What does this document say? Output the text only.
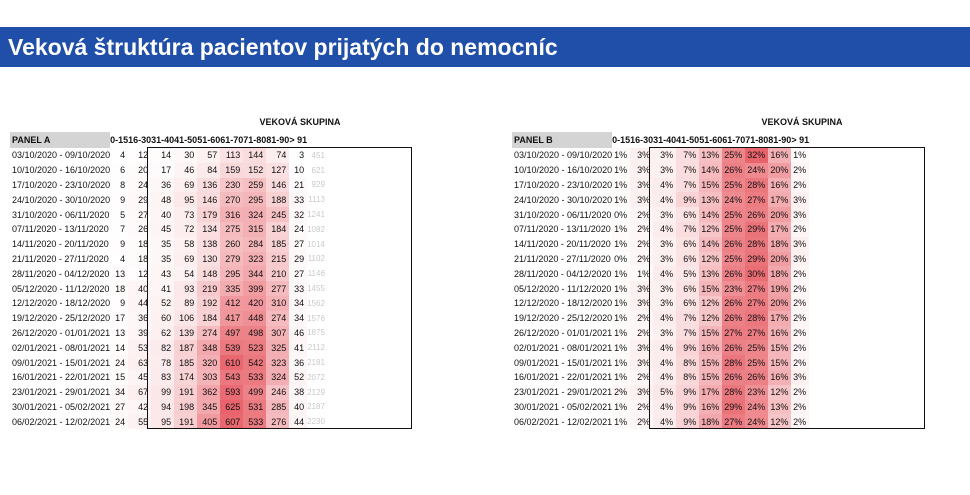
Veková štruktúra pacientov prijatých do nemocníc
VEKOVÁ SKUPINA
PANEL A	0-15	16-30	31-40	41-50	51-60	61-70	71-80	81-90	> 91	
03/10/2020 - 09/10/2020	4	12	14	30	57	113	144	74	3	451
10/10/2020 - 16/10/2020	6	20	17	46	84	159	152	127	10	621
17/10/2020 - 23/10/2020	8	24	36	69	136	230	259	146	21	929
24/10/2020 - 30/10/2020	9	29	48	95	146	270	295	188	33	1113
31/10/2020 - 06/11/2020	5	27	40	73	179	316	324	245	32	1241
07/11/2020 - 13/11/2020	7	26	45	72	134	275	315	184	24	1082
14/11/2020 - 20/11/2020	9	18	35	58	138	260	284	185	27	1014
21/11/2020 - 27/11/2020	4	18	35	69	130	279	323	215	29	1102
28/11/2020 - 04/12/2020	13	12	43	54	148	295	344	210	27	1146
05/12/2020 - 11/12/2020	18	40	41	93	219	335	399	277	33	1455
12/12/2020 - 18/12/2020	9	44	52	89	192	412	420	310	34	1562
19/12/2020 - 25/12/2020	17	36	60	106	184	417	448	274	34	1576
26/12/2020 - 01/01/2021	13	39	62	139	274	497	498	307	46	1875
02/01/2021 - 08/01/2021	14	53	82	187	348	539	523	325	41	2112
09/01/2021 - 15/01/2021	24	63	78	185	320	610	542	323	36	2181
16/01/2021 - 22/01/2021	15	45	83	174	303	543	533	324	52	2072
23/01/2021 - 29/01/2021	34	67	99	191	362	593	499	246	38	2129
30/01/2021 - 05/02/2021	27	42	94	198	345	625	531	285	40	2187
06/02/2021 - 12/02/2021	24	55	95	191	405	607	533	276	44	2230
VEKOVÁ SKUPINA
PANEL B	0-15	16-30	31-40	41-50	51-60	61-70	71-80	81-90	> 91
03/10/2020 - 09/10/2020	1%	3%	3%	7%	13%	25%	32%	16%	1%
10/10/2020 - 16/10/2020	1%	3%	3%	7%	14%	26%	24%	20%	2%
17/10/2020 - 23/10/2020	1%	3%	4%	7%	15%	25%	28%	16%	2%
24/10/2020 - 30/10/2020	1%	3%	4%	9%	13%	24%	27%	17%	3%
31/10/2020 - 06/11/2020	0%	2%	3%	6%	14%	25%	26%	20%	3%
07/11/2020 - 13/11/2020	1%	2%	4%	7%	12%	25%	29%	17%	2%
14/11/2020 - 20/11/2020	1%	2%	3%	6%	14%	26%	28%	18%	3%
21/11/2020 - 27/11/2020	0%	2%	3%	6%	12%	25%	29%	20%	3%
28/11/2020 - 04/12/2020	1%	1%	4%	5%	13%	26%	30%	18%	2%
05/12/2020 - 11/12/2020	1%	3%	3%	6%	15%	23%	27%	19%	2%
12/12/2020 - 18/12/2020	1%	3%	3%	6%	12%	26%	27%	20%	2%
19/12/2020 - 25/12/2020	1%	2%	4%	7%	12%	26%	28%	17%	2%
26/12/2020 - 01/01/2021	1%	2%	3%	7%	15%	27%	27%	16%	2%
02/01/2021 - 08/01/2021	1%	3%	4%	9%	16%	26%	25%	15%	2%
09/01/2021 - 15/01/2021	1%	3%	4%	8%	15%	28%	25%	15%	2%
16/01/2021 - 22/01/2021	1%	2%	4%	8%	15%	26%	26%	16%	3%
23/01/2021 - 29/01/2021	2%	3%	5%	9%	17%	28%	23%	12%	2%
30/01/2021 - 05/02/2021	1%	2%	4%	9%	16%	29%	24%	13%	2%
06/02/2021 - 12/02/2021	1%	2%	4%	9%	18%	27%	24%	12%	2%
